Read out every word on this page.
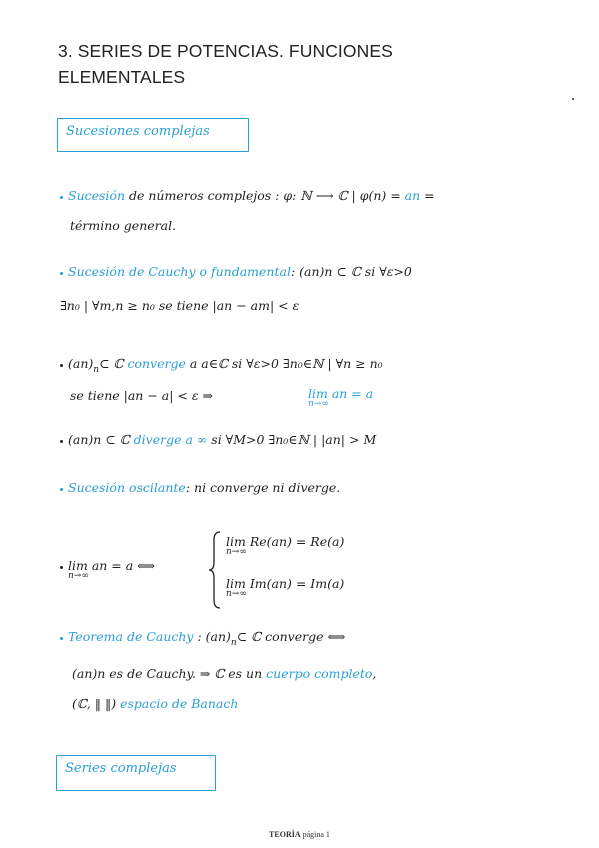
3. SERIES DE POTENCIAS. FUNCIONES
ELEMENTALES
Sucesiones complejas
Sucesión de números complejos : φ: ℕ ⟶ ℂ | φ(n) = an =
término general.
Sucesión de Cauchy o fundamental: (an)n ⊂ ℂ si ∀ε>0
∃n₀ | ∀m,n ≥ n₀ se tiene |an − am| < ε
$(an)_n\subset$ ℂ converge a a∈ℂ si ∀ε>0 ∃n₀∈ℕ | ∀n ≥ n₀
se tiene |an − a| < ε ⇒	lim an = a
n→∞
(an)n ⊂ ℂ diverge a ∞ si ∀M>0 ∃n₀∈ℕ | |an| > M
Sucesión oscilante: ni converge ni diverge.
lim an = a ⟺
n→∞
lim Re(an) = Re(a)
n→∞
lim Im(an) = Im(a)
n→∞
Teorema de Cauchy : $(an)_n\subset$ ℂ converge ⟺
(an)n es de Cauchy. ⇒ ℂ es un cuerpo completo,
(ℂ, ‖ ‖) espacio de Banach
Series complejas
TEORÍA página 1
